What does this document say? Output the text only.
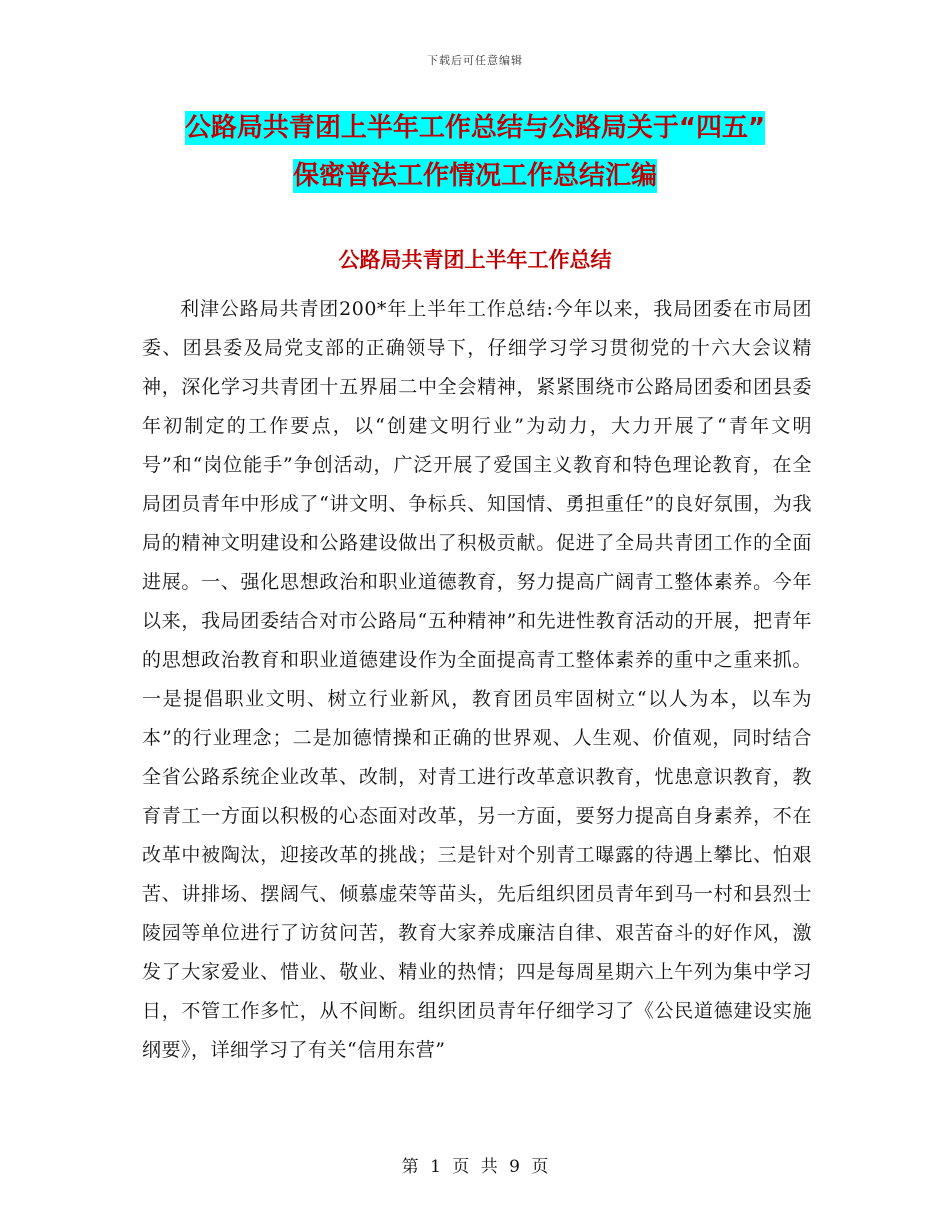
下载后可任意编辑
公路局共青团上半年工作总结与公路局关于“四五”
保密普法工作情况工作总结汇编
公路局共青团上半年工作总结

利津公路局共青团200*年上半年工作总结:今年以来，我局团委在市局团委、团县委及局党支部的正确领导下，仔细学习学习贯彻党的十六大会议精神，深化学习共青团十五界届二中全会精神，紧紧围绕市公路局团委和团县委年初制定的工作要点，以“创建文明行业”为动力，大力开展了“青年文明号”和“岗位能手”争创活动，广泛开展了爱国主义教育和特色理论教育，在全局团员青年中形成了“讲文明、争标兵、知国情、勇担重任”的良好氛围，为我局的精神文明建设和公路建设做出了积极贡献。促进了全局共青团工作的全面进展。一、强化思想政治和职业道德教育，努力提高广阔青工整体素养。今年以来，我局团委结合对市公路局“五种精神”和先进性教育活动的开展，把青年的思想政治教育和职业道德建设作为全面提高青工整体素养的重中之重来抓。一是提倡职业文明、树立行业新风，教育团员牢固树立“以人为本，以车为本”的行业理念；二是加德情操和正确的世界观、人生观、价值观，同时结合全省公路系统企业改革、改制，对青工进行改革意识教育，忧患意识教育，教育青工一方面以积极的心态面对改革，另一方面，要努力提高自身素养，不在改革中被陶汰，迎接改革的挑战；三是针对个别青工曝露的待遇上攀比、怕艰苦、讲排场、摆阔气、倾慕虚荣等苗头，先后组织团员青年到马一村和县烈士陵园等单位进行了访贫问苦，教育大家养成廉洁自律、艰苦奋斗的好作风，激发了大家爱业、惜业、敬业、精业的热情；四是每周星期六上午列为集中学习日，不管工作多忙，从不间断。组织团员青年仔细学习了《公民道德建设实施纲要》，详细学习了有关“信用东营”

第 1 页 共 9 页
